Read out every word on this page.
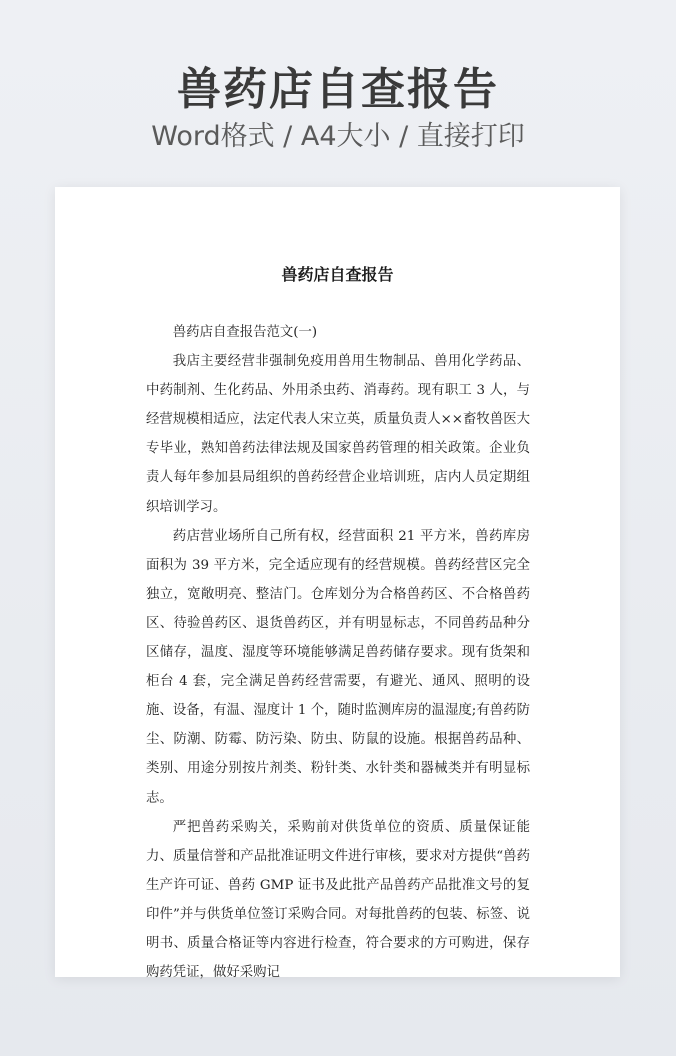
兽药店自查报告
Word格式 / A4大小 / 直接打印
兽药店自查报告

兽药店自查报告范文(一)

我店主要经营非强制免疫用兽用生物制品、兽用化学药品、中药制剂、生化药品、外用杀虫药、消毒药。现有职工 3 人，与经营规模相适应，法定代表人宋立英，质量负责人××畜牧兽医大专毕业，熟知兽药法律法规及国家兽药管理的相关政策。企业负责人每年参加县局组织的兽药经营企业培训班，店内人员定期组织培训学习。

药店营业场所自己所有权，经营面积 21 平方米，兽药库房面积为 39 平方米，完全适应现有的经营规模。兽药经营区完全独立，宽敞明亮、整洁门。仓库划分为合格兽药区、不合格兽药区、待验兽药区、退货兽药区，并有明显标志，不同兽药品种分区储存，温度、湿度等环境能够满足兽药储存要求。现有货架和柜台 4 套，完全满足兽药经营需要，有避光、通风、照明的设施、设备，有温、湿度计 1 个，随时监测库房的温湿度;有兽药防尘、防潮、防霉、防污染、防虫、防鼠的设施。根据兽药品种、类别、用途分别按片剂类、粉针类、水针类和器械类并有明显标志。

严把兽药采购关，采购前对供货单位的资质、质量保证能力、质量信誉和产品批准证明文件进行审核，要求对方提供“兽药生产许可证、兽药 GMP 证书及此批产品兽药产品批准文号的复印件”并与供货单位签订采购合同。对每批兽药的包装、标签、说明书、质量合格证等内容进行检查，符合要求的方可购进，保存购药凭证，做好采购记
